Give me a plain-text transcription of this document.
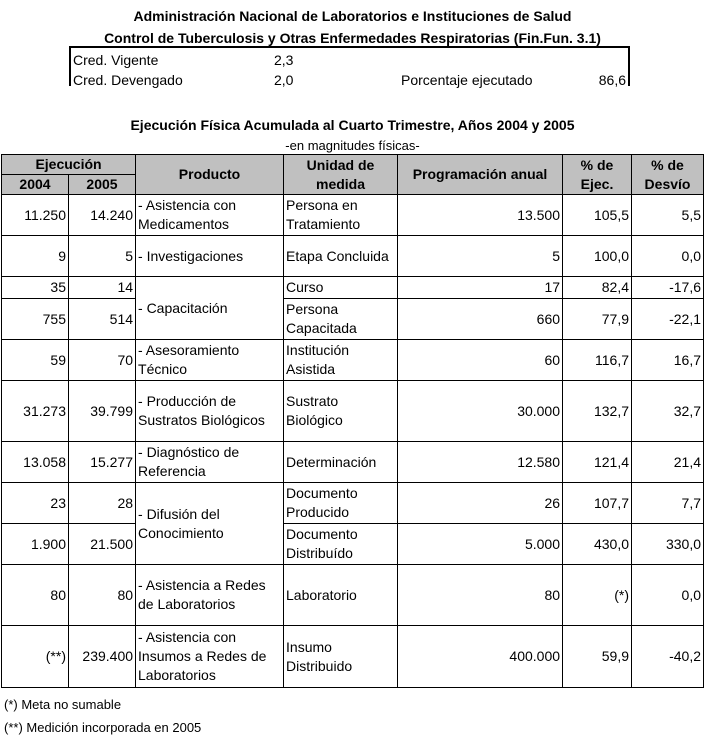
Administración Nacional de Laboratorios e Instituciones de Salud
Control de Tuberculosis y Otras Enfermedades Respiratorias (Fin.Fun. 3.1)
Cred. Vigente	2,3
Cred. Devengado	2,0	Porcentaje ejecutado	86,6
Ejecución Física Acumulada al Cuarto Trimestre, Años 2004 y 2005
-en magnitudes físicas-
Ejecución		Producto	Unidad de medida	Programación anual	% de Ejec.	% de Desvío
2004	2005					
11.250	14.240	- Asistencia con Medicamentos	Persona en Tratamiento	13.500	105,5	5,5
9	5	- Investigaciones	Etapa Concluida	5	100,0	0,0
35	14	- Capacitación	Curso	17	82,4	-17,6
755	514		Persona Capacitada	660	77,9	-22,1
59	70	- Asesoramiento Técnico	Institución Asistida	60	116,7	16,7
31.273	39.799	- Producción de Sustratos Biológicos	Sustrato Biológico	30.000	132,7	32,7
13.058	15.277	- Diagnóstico de Referencia	Determinación	12.580	121,4	21,4
23	28	- Difusión del Conocimiento	Documento Producido	26	107,7	7,7
1.900	21.500		Documento Distribuído	5.000	430,0	330,0
80	80	- Asistencia a Redes de Laboratorios	Laboratorio	80	(*)	0,0
(**)	239.400	- Asistencia con Insumos a Redes de Laboratorios	Insumo Distribuido	400.000	59,9	-40,2
(*) Meta no sumable
(**) Medición incorporada en 2005
